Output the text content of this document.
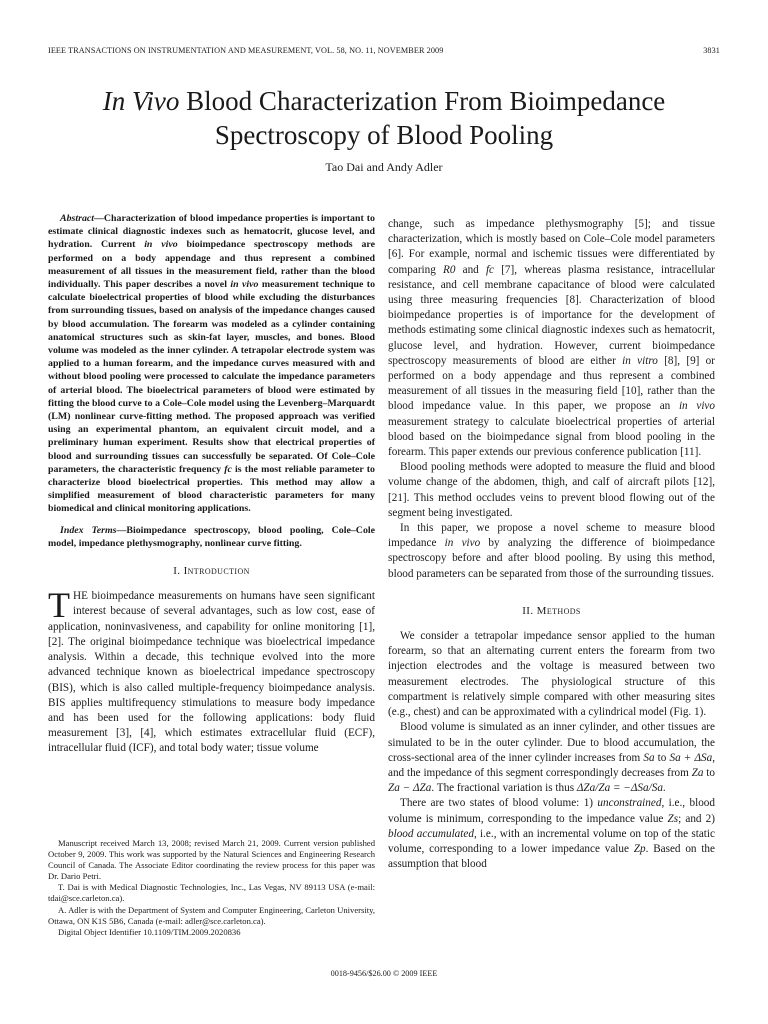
IEEE TRANSACTIONS ON INSTRUMENTATION AND MEASUREMENT, VOL. 58, NO. 11, NOVEMBER 2009	3831
In Vivo Blood Characterization From Bioimpedance Spectroscopy of Blood Pooling
Tao Dai and Andy Adler

Abstract—Characterization of blood impedance properties is important to estimate clinical diagnostic indexes such as hematocrit, glucose level, and hydration. Current in vivo bioimpedance spectroscopy methods are performed on a body appendage and thus represent a combined measurement of all tissues in the measurement field, rather than the blood individually. This paper describes a novel in vivo measurement technique to calculate bioelectrical properties of blood while excluding the disturbances from surrounding tissues, based on analysis of the impedance changes caused by blood accumulation. The forearm was modeled as a cylinder containing anatomical structures such as skin-fat layer, muscles, and bones. Blood volume was modeled as the inner cylinder. A tetrapolar electrode system was applied to a human forearm, and the impedance curves measured with and without blood pooling were processed to calculate the impedance parameters of arterial blood. The bioelectrical parameters of blood were estimated by fitting the blood curve to a Cole–Cole model using the Levenberg–Marquardt (LM) nonlinear curve-fitting method. The proposed approach was verified using an experimental phantom, an equivalent circuit model, and a preliminary human experiment. Results show that electrical properties of blood and surrounding tissues can successfully be separated. Of Cole–Cole parameters, the characteristic frequency fc is the most reliable parameter to characterize blood bioelectrical properties. This method may allow a simplified measurement of blood characteristic parameters for many biomedical and clinical monitoring applications.

Index Terms—Bioimpedance spectroscopy, blood pooling, Cole–Cole model, impedance plethysmography, nonlinear curve fitting.

I. Introduction

THE bioimpedance measurements on humans have seen significant interest because of several advantages, such as low cost, ease of application, noninvasiveness, and capability for online monitoring [1], [2]. The original bioimpedance technique was bioelectrical impedance analysis. Within a decade, this technique evolved into the more advanced technique known as bioelectrical impedance spectroscopy (BIS), which is also called multiple-frequency bioimpedance analysis. BIS applies multifrequency stimulations to measure body impedance and has been used for the following applications: body fluid measurement [3], [4], which estimates extracellular fluid (ECF), intracellular fluid (ICF), and total body water; tissue volume

change, such as impedance plethysmography [5]; and tissue characterization, which is mostly based on Cole–Cole model parameters [6]. For example, normal and ischemic tissues were differentiated by comparing R0 and fc [7], whereas plasma resistance, intracellular resistance, and cell membrane capacitance of blood were calculated using three measuring frequencies [8]. Characterization of blood bioimpedance properties is of importance for the development of methods estimating some clinical diagnostic indexes such as hematocrit, glucose level, and hydration. However, current bioimpedance spectroscopy measurements of blood are either in vitro [8], [9] or performed on a body appendage and thus represent a combined measurement of all tissues in the measuring field [10], rather than the blood impedance value. In this paper, we propose an in vivo measurement strategy to calculate bioelectrical properties of arterial blood based on the bioimpedance signal from blood pooling in the forearm. This paper extends our previous conference publication [11].

Blood pooling methods were adopted to measure the fluid and blood volume change of the abdomen, thigh, and calf of aircraft pilots [12], [21]. This method occludes veins to prevent blood flowing out of the segment being investigated.

In this paper, we propose a novel scheme to measure blood impedance in vivo by analyzing the difference of bioimpedance spectroscopy before and after blood pooling. By using this method, blood parameters can be separated from those of the surrounding tissues.

II. Methods

We consider a tetrapolar impedance sensor applied to the human forearm, so that an alternating current enters the forearm from two injection electrodes and the voltage is measured between two measurement electrodes. The physiological structure of this compartment is relatively simple compared with other measuring sites (e.g., chest) and can be approximated with a cylindrical model (Fig. 1).

Blood volume is simulated as an inner cylinder, and other tissues are simulated to be in the outer cylinder. Due to blood accumulation, the cross-sectional area of the inner cylinder increases from Sa to Sa + ΔSa, and the impedance of this segment correspondingly decreases from Za to Za − ΔZa. The fractional variation is thus ΔZa/Za = −ΔSa/Sa.

There are two states of blood volume: 1) unconstrained, i.e., blood volume is minimum, corresponding to the impedance value Zs; and 2) blood accumulated, i.e., with an incremental volume on top of the static volume, corresponding to a lower impedance value Zp. Based on the assumption that blood

Manuscript received March 13, 2008; revised March 21, 2009. Current version published October 9, 2009. This work was supported by the Natural Sciences and Engineering Research Council of Canada. The Associate Editor coordinating the review process for this paper was Dr. Dario Petri.

T. Dai is with Medical Diagnostic Technologies, Inc., Las Vegas, NV 89113 USA (e-mail: tdai@sce.carleton.ca).

A. Adler is with the Department of System and Computer Engineering, Carleton University, Ottawa, ON K1S 5B6, Canada (e-mail: adler@sce.carleton.ca).

Digital Object Identifier 10.1109/TIM.2009.2020836

0018-9456/$26.00 © 2009 IEEE
